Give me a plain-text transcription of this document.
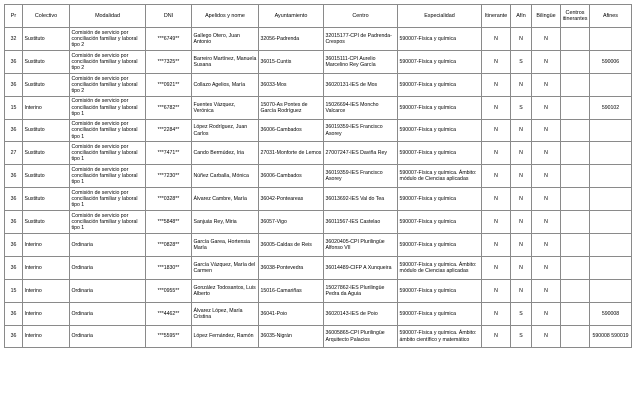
Pr	Colectivo	Modalidad	DNI	Apelidos y nome	Ayuntamiento	Centro	Especialidad	Itinerante	Afín	Bilingüe	Centros itinerantes	Afines
32	Sustituto	Comisión de servicio por conciliación familiar y laboral tipo 2	***6749**	Gallego Otero, Juan Antonio	32056-Padrenda	32015177-CPI de Padrenda-Crespos	590007-Física y química	N	N	N		
36	Sustituto	Comisión de servicio por conciliación familiar y laboral tipo 2	***7325**	Barreiro Martínez, Manuela Susana	36015-Cuntis	36015111-CPI Aurelio Marcelino Rey García	590007-Física y química	N	S	N		590006
36	Sustituto	Comisión de servicio por conciliación familiar y laboral tipo 2	***0921**	Collazo Agelios, María	36033-Mos	36020131-IES de Mos	590007-Física y química	N	N	N		
15	Interino	Comisión de servicio por conciliación familiar y laboral tipo 1	***6782**	Fuentes Vázquez, Verónica	15070-As Pontes de García Rodríguez	15026694-IES Moncho Valcarce	590007-Física y química	N	S	N		590102
36	Sustituto	Comisión de servicio por conciliación familiar y laboral tipo 1	***2284**	López Rodríguez, Juan Carlos	36006-Cambados	36019359-IES Francisco Asorey	590007-Física y química	N	N	N		
27	Sustituto	Comisión de servicio por conciliación familiar y laboral tipo 1	***7471**	Cando Bermúdez, Iria	27031-Monforte de Lemos	27007247-IES Daviña Rey	590007-Física y química	N	N	N		
36	Sustituto	Comisión de servicio por conciliación familiar y laboral tipo 1	***7230**	Núñez Carballa, Mónica	36006-Cambados	36019359-IES Francisco Asorey	590007-Física y química. Ámbito: módulo de Ciencias aplicadas	N	N	N		
36	Sustituto	Comisión de servicio por conciliación familiar y laboral tipo 1	***0328**	Álvarez Cambre, María	36042-Ponteareas	36013692-IES Val do Tea	590007-Física y química	N	N	N		
36	Sustituto	Comisión de servicio por conciliación familiar y laboral tipo 1	***5848**	Sanjuás Rey, Miria	36057-Vigo	36011567-IES Castelao	590007-Física y química	N	N	N		
36	Interino	Ordinaria	***0828**	García Garea, Hortensia María	36005-Caldas de Reis	36020405-CPI Plurilingüe Alfonso VII	590007-Física y química	N	N	N		
36	Interino	Ordinaria	***1830**	García Vázquez, María del Carmen	36038-Pontevedra	36014489-CIFP A Xunqueira	590007-Física y química. Ámbito: módulo de Ciencias aplicadas	N	N	N		
15	Interino	Ordinaria	***0955**	González Todosantos, Luis Alberto	15016-Camariñas	15027862-IES Plurilingüe Pedra da Aguia	590007-Física y química	N	N	N		
36	Interino	Ordinaria	***4462**	Álvarez López, María Cristina	36041-Poio	36020143-IES de Poio	590007-Física y química	N	S	N		590008
36	Interino	Ordinaria	***5595**	López Fernández, Ramón	36035-Nigrán	36005865-CPI Plurilingüe Arquitecto Palacios	590007-Física y química. Ámbito: ámbito científico y matemático	N	S	N		590008 590019
